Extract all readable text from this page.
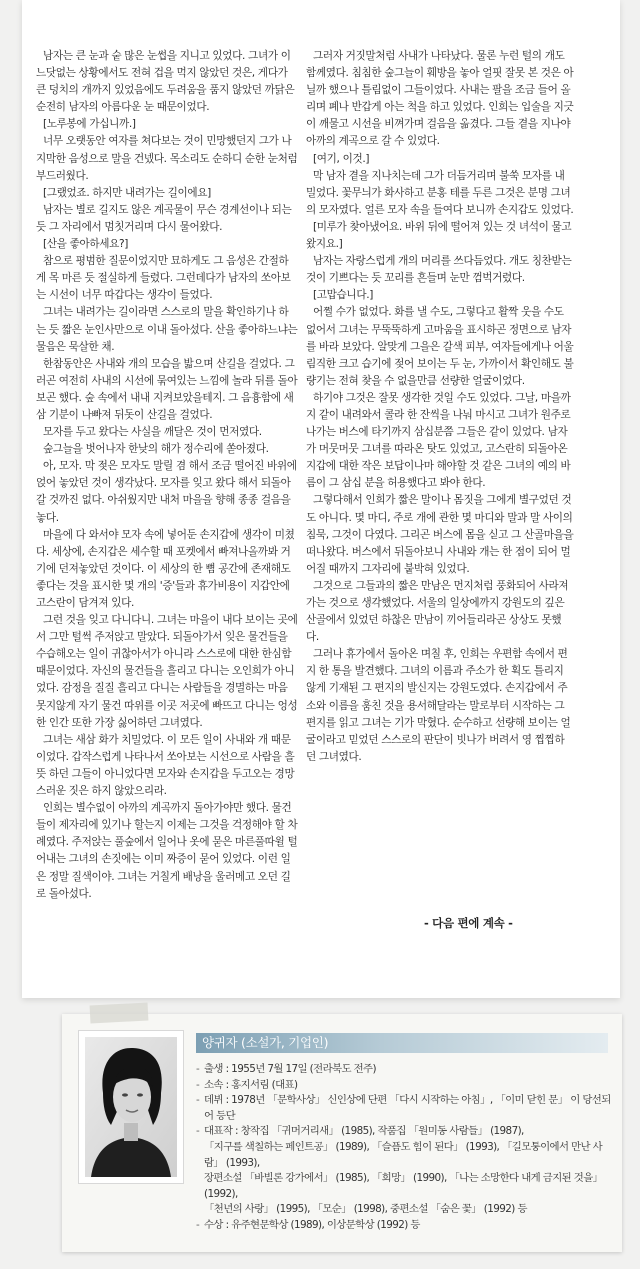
남자는 큰 눈과 숱 많은 눈썹을 지니고 있었다. 그녀가 이 느닷없는 상황에서도 전혀 겁을 먹지 않았던 것은, 게다가 큰 덩치의 개까지 있었음에도 두려움을 품지 않았던 까닭은 순전히 남자의 아름다운 눈 때문이었다.

[노루봉에 가십니까.]

너무 오랫동안 여자를 쳐다보는 것이 민망했던지 그가 나지막한 음성으로 말을 건넸다. 목소리도 순하디 순한 눈처럼 부드러웠다.

[그랬었죠. 하지만 내려가는 길이에요]

남자는 별로 길지도 않은 계곡물이 무슨 경계선이나 되는 듯 그 자리에서 멈칫거리며 다시 물어왔다.

[산을 좋아하세요?]

참으로 평범한 질문이었지만 묘하게도 그 음성은 간절하게 목 마른 듯 절실하게 들렸다. 그런데다가 남자의 쏘아보는 시선이 너무 따갑다는 생각이 들었다.

그녀는 내려가는 길이라면 스스로의 말을 확인하기나 하는 듯 짧은 눈인사만으로 이내 돌아섰다. 산을 좋아하느냐는 물음은 묵살한 채.

한참동안은 사내와 개의 모습을 밟으며 산길을 걸었다. 그러곤 여전히 사내의 시선에 묶여있는 느낌에 놀라 뒤를 돌아보곤 했다. 숲 속에서 내내 지켜보았을테지. 그 음흉함에 새삼 기분이 나빠져 뒤돗이 산길을 걸었다.

모자를 두고 왔다는 사실을 깨달은 것이 먼저였다.

숲그늘을 벗어나자 한낮의 해가 정수리에 쏟아졌다.

아, 모자. 막 젖은 모자도 말릴 겸 해서 조금 떨어진 바위에 얹어 놓았던 것이 생각났다. 모자를 잊고 왔다 해서 되돌아 갈 것까진 없다. 아쉬웠지만 내처 마을을 향해 종종 걸음을 놓다.

마을에 다 와서야 모자 속에 넣어둔 손지갑에 생각이 미쳤다. 세상에, 손지갑은 세수할 때 포켓에서 빠져나올까봐 거기에 던져놓았던 것이다. 이 세상의 한 뼘 공간에 존재해도 좋다는 것을 표시한 몇 개의 '증'들과 휴가비용이 지갑안에 고스란이 담겨져 있다.

그런 것을 잊고 다니다니. 그녀는 마을이 내다 보이는 곳에서 그만 털썩 주저앉고 말았다. 되돌아가서 잊은 물건들을 수습해오는 일이 귀찮아서가 아니라 스스로에 대한 한심함 때문이었다. 자신의 물건들을 흘리고 다니는 오인희가 아니었다. 감정을 질질 흘리고 다니는 사람들을 경멸하는 마음 못지않게 자기 물건 따위를 이곳 저곳에 빠뜨고 다니는 엉성한 인간 또한 가장 싫어하던 그녀였다.

그녀는 새삼 화가 치밀었다. 이 모든 일이 사내와 개 때문이었다. 갑작스럽게 나타나서 쏘아보는 시선으로 사람을 흘뜻 하던 그들이 아니었다면 모자와 손지갑을 두고오는 경망스러운 짓은 하지 않았으리라.

인희는 별수없이 아까의 계곡까지 돌아가야만 했다. 물건들이 제자리에 있기나 할는지 이제는 그것을 걱정해야 할 차례였다. 주저앉는 풀숲에서 일어나 옷에 묻은 마른풀따윌 털어내는 그녀의 손짓에는 이미 짜증이 묻어 있었다. 이런 일은 정말 질색이야. 그녀는 거칠게 배낭을 울러메고 오던 길로 돌아섰다.

그러자 거짓말처럼 사내가 나타났다. 물론 누런 털의 개도 함께였다. 침침한 숲그늘이 훼방을 놓아 얼핏 잘못 본 것은 아닐까 했으나 틀림없이 그들이었다. 사내는 팔을 조금 들어 올리며 폐나 반갑게 아는 척을 하고 있었다. 인희는 입술을 지긋이 깨물고 시선을 비껴가며 걸음을 옮겼다. 그들 곁을 지나야 아까의 계곡으로 갈 수 있었다.

[여기, 이것.]

막 남자 곁을 지나치는데 그가 더듬거리며 불쑥 모자를 내밀었다. 꽃무늬가 화사하고 분홍 테를 두른 그것은 분명 그녀의 모자였다. 얼른 모자 속을 들여다 보니까 손지갑도 있었다.

[미루가 찾아냈어요. 바위 뒤에 떨어져 있는 것 녀석이 물고 왔지요.]

남자는 자랑스럽게 개의 머리를 쓰다듬었다. 개도 칭찬받는 것이 기쁘다는 듯 꼬리를 흔들며 눈만 껌벅거렸다.

[고맙습니다.]

어쩔 수가 없었다. 화를 낼 수도, 그렇다고 활짝 웃을 수도 없어서 그녀는 무뚝뚝하게 고마움을 표시하곤 정면으로 남자를 바라 보았다. 알맞게 그을은 갈색 피부, 여자들에게나 어울림직한 크고 습기에 젖어 보이는 두 눈, 가까이서 확인해도 불량기는 전혀 찾을 수 없을만큼 선량한 얼굴이었다.

하기야 그것은 잘못 생각한 것일 수도 있었다. 그날, 마을까지 같이 내려와서 콜라 한 잔씩을 나눠 마시고 그녀가 원주로 나가는 버스에 타기까지 삼십분쯤 그들은 같이 있었다. 남자가 머뭇머뭇 그녀를 따라온 탓도 있었고, 고스란히 되돌아온 지갑에 대한 작은 보답이나마 해야할 것 같은 그녀의 예의 바름이 그 삼십 분을 허용했다고 봐야 한다.

그렇다해서 인희가 짧은 말이나 몸짓을 그에게 별구었던 것도 아니다. 몇 마디, 주로 개에 관한 몇 마디와 말과 말 사이의 침묵, 그것이 다였다. 그리곤 버스에 몸을 싣고 그 산골마을을 떠나왔다. 버스에서 뒤돌아보니 사내와 개는 한 점이 되어 멀어질 때까지 그자리에 붙박혀 있었다.

그것으로 그들과의 짧은 만남은 먼지처럼 풍화되어 사라져 가는 것으로 생각했었다. 서울의 일상에까지 강원도의 깊은 산골에서 있었던 하찮은 만남이 끼어들리라곤 상상도 못했다.

그러나 휴가에서 돌아온 며칠 후, 인희는 우편함 속에서 편지 한 통을 발견했다. 그녀의 이름과 주소가 한 획도 틀리지 않게 기재된 그 편지의 발신지는 강원도였다. 손지갑에서 주소와 이름을 훔친 것을 용서해달라는 말로부터 시작하는 그 편지를 읽고 그녀는 기가 막혔다. 순수하고 선량해 보이는 얼굴이라고 믿었던 스스로의 판단이 빗나가 버려서 영 찝찝하던 그녀였다.

- 다음 편에 계속 -
양귀자 (소설가, 기업인)
- 출생 : 1955년 7월 17일 (전라북도 전주)
- 소속 : 홍지서림 (대표)
- 데뷔 : 1978년 「문학사상」 신인상에 단편 「다시 시작하는 아침」, 「이미 닫힌 문」 이 당선되어 등단
- 대표작 : 창작집 「귀머거리새」 (1985), 작품집 「원미동 사람들」 (1987),
「지구를 색칠하는 페인트공」 (1989), 「슬픔도 힘이 된다」 (1993), 「길모퉁이에서 만난 사람」 (1993),
장편소설 「바빌론 강가에서」 (1985), 「희망」 (1990), 「나는 소망한다 내게 금지된 것을」 (1992),
「천년의 사랑」 (1995), 「모순」 (1998), 중편소설 「숨은 꽃」 (1992) 등
- 수상 : 유주현문학상 (1989), 이상문학상 (1992) 등
